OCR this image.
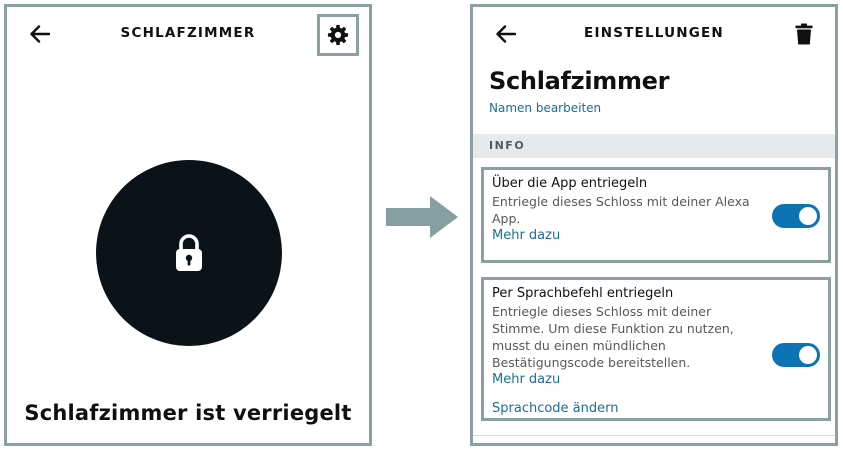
SCHLAFZIMMER
Schlafzimmer ist verriegelt
EINSTELLUNGEN
Schlafzimmer
Namen bearbeiten
INFO
Über die App entriegeln
Entriegle dieses Schloss mit deiner Alexa App.
Mehr dazu
Per Sprachbefehl entriegeln
Entriegle dieses Schloss mit deiner Stimme. Um diese Funktion zu nutzen, musst du einen mündlichen Bestätigungscode bereitstellen.
Mehr dazu
Sprachcode ändern
